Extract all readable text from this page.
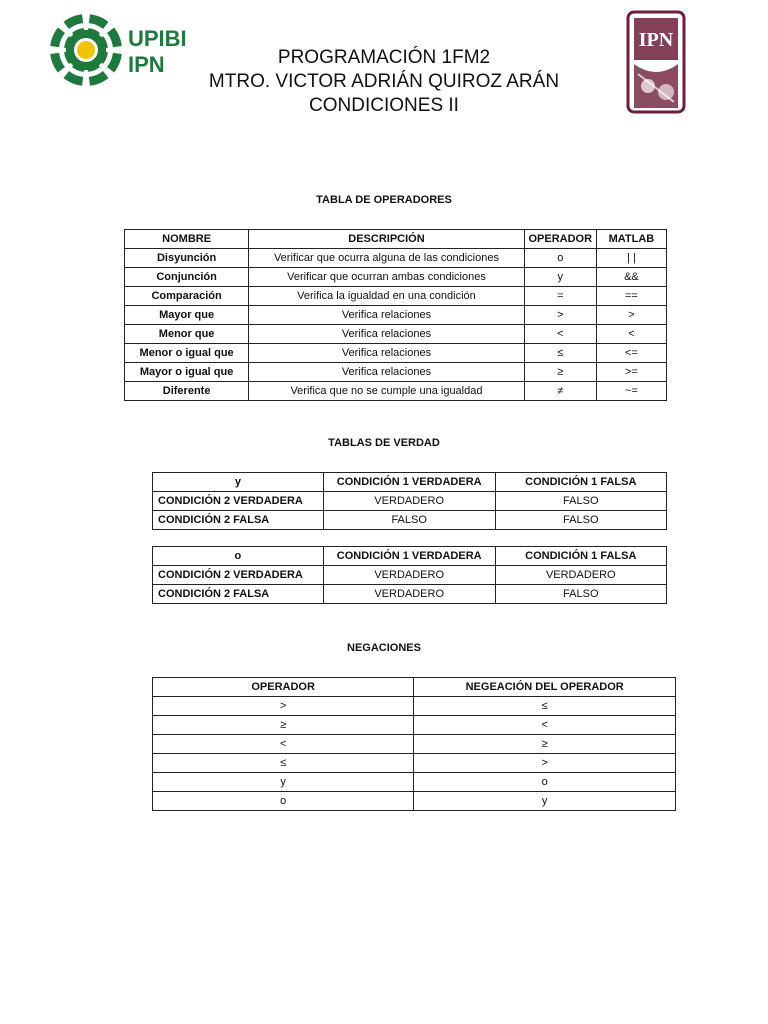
UPIBI
IPN
IPN
PROGRAMACIÓN 1FM2
MTRO. VICTOR ADRIÁN QUIROZ ARÁN
CONDICIONES II
TABLA DE OPERADORES
NOMBRE	DESCRIPCIÓN	OPERADOR	MATLAB
Disyunción	Verificar que ocurra alguna de las condiciones	o	| |
Conjunción	Verificar que ocurran ambas condiciones	y	&&
Comparación	Verifica la igualdad en una condición	=	==
Mayor que	Verifica relaciones	>	>
Menor que	Verifica relaciones	<	<
Menor o igual que	Verifica relaciones	≤	<=
Mayor o igual que	Verifica relaciones	≥	>=
Diferente	Verifica que no se cumple una igualdad	≠	~=
TABLAS DE VERDAD
y	CONDICIÓN 1 VERDADERA	CONDICIÓN 1 FALSA
CONDICIÓN 2 VERDADERA	VERDADERO	FALSO
CONDICIÓN 2 FALSA	FALSO	FALSO
o	CONDICIÓN 1 VERDADERA	CONDICIÓN 1 FALSA
CONDICIÓN 2 VERDADERA	VERDADERO	VERDADERO
CONDICIÓN 2 FALSA	VERDADERO	FALSO
NEGACIONES
OPERADOR	NEGEACIÓN DEL OPERADOR
>	≤
≥	<
<	≥
≤	>
y	o
o	y
